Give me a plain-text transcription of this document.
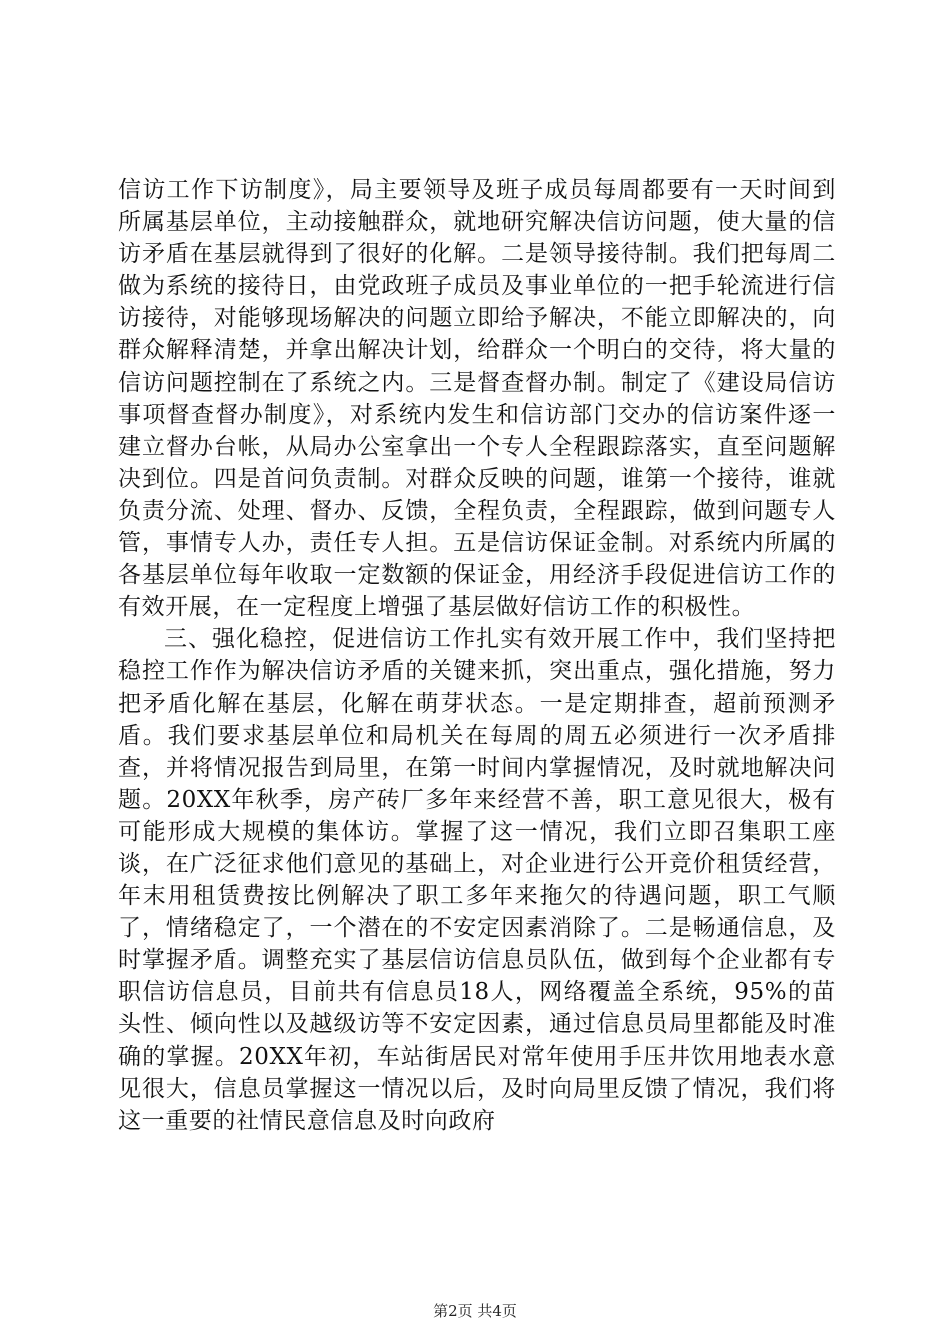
信访工作下访制度》，局主要领导及班子成员每周都要有一天时间到所属基层单位，主动接触群众，就地研究解决信访问题，使大量的信访矛盾在基层就得到了很好的化解。二是领导接待制。我们把每周二做为系统的接待日，由党政班子成员及事业单位的一把手轮流进行信访接待，对能够现场解决的问题立即给予解决，不能立即解决的，向群众解释清楚，并拿出解决计划，给群众一个明白的交待，将大量的信访问题控制在了系统之内。三是督查督办制。制定了《建设局信访事项督查督办制度》，对系统内发生和信访部门交办的信访案件逐一建立督办台帐，从局办公室拿出一个专人全程跟踪落实，直至问题解决到位。四是首问负责制。对群众反映的问题，谁第一个接待，谁就负责分流、处理、督办、反馈，全程负责，全程跟踪，做到问题专人管，事情专人办，责任专人担。五是信访保证金制。对系统内所属的各基层单位每年收取一定数额的保证金，用经济手段促进信访工作的有效开展，在一定程度上增强了基层做好信访工作的积极性。

三、强化稳控，促进信访工作扎实有效开展工作中，我们坚持把稳控工作作为解决信访矛盾的关键来抓，突出重点，强化措施，努力把矛盾化解在基层，化解在萌芽状态。一是定期排查，超前预测矛盾。我们要求基层单位和局机关在每周的周五必须进行一次矛盾排查，并将情况报告到局里，在第一时间内掌握情况，及时就地解决问题。20XX年秋季，房产砖厂多年来经营不善，职工意见很大，极有可能形成大规模的集体访。掌握了这一情况，我们立即召集职工座谈，在广泛征求他们意见的基础上，对企业进行公开竞价租赁经营，年末用租赁费按比例解决了职工多年来拖欠的待遇问题，职工气顺了，情绪稳定了，一个潜在的不安定因素消除了。二是畅通信息，及时掌握矛盾。调整充实了基层信访信息员队伍，做到每个企业都有专职信访信息员，目前共有信息员18人，网络覆盖全系统，95%的苗头性、倾向性以及越级访等不安定因素，通过信息员局里都能及时准确的掌握。20XX年初，车站街居民对常年使用手压井饮用地表水意见很大，信息员掌握这一情况以后，及时向局里反馈了情况，我们将这一重要的社情民意信息及时向政府

第2页 共4页
